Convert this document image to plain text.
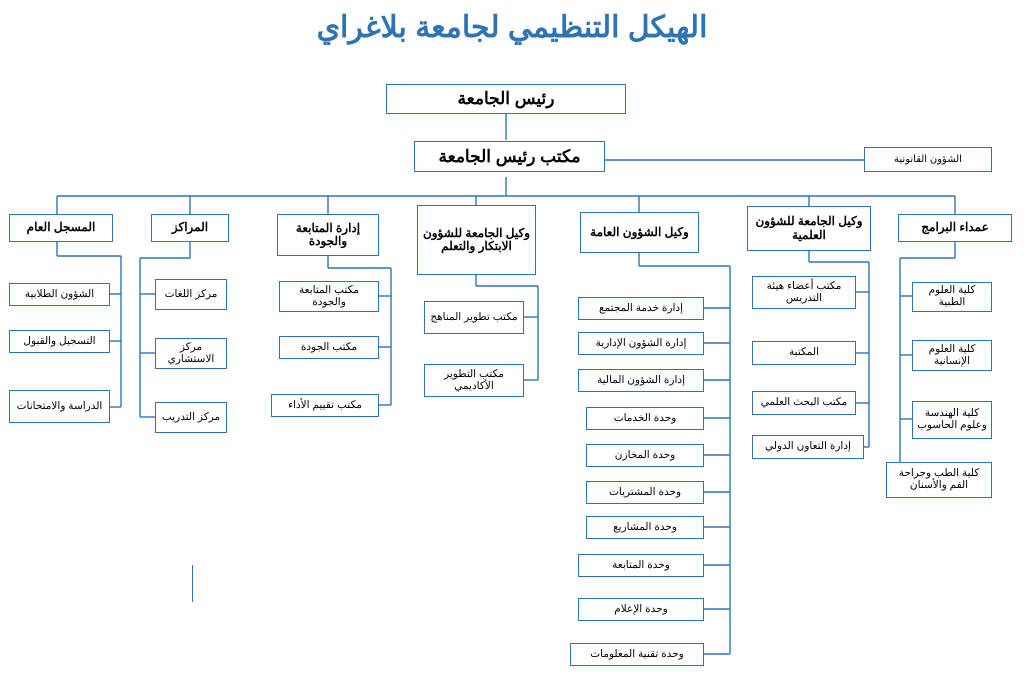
الهيكل التنظيمي لجامعة بلاغراي
رئيس الجامعة
مكتب رئيس الجامعة	الشؤون القانونية
عمداء البرامج
وكيل الجامعة للشؤون العلمية
وكيل الشؤون العامة
وكيل الجامعة للشؤون الابتكار والتعلم
إدارة المتابعة والجودة
المراكز
المسجل العام
كلية العلوم الطبية
كلية العلوم الإنسانية
كلية الهندسة وعلوم الحاسوب
كلية الطب وجراحة الفم والأسنان
مكتب أعضاء هيئة التدريس
المكتبة
مكتب البحث العلمي
إدارة التعاون الدولي
إدارة خدمة المجتمع
إدارة الشؤون الإدارية
إدارة الشؤون المالية
وحدة الخدمات
وحدة المخازن
وحدة المشتريات
وحدة المشاريع
وحدة المتابعة
وحدة الإعلام
وحدة تقنية المعلومات
مكتب تطوير المناهج
مكتب التطوير الأكاديمي
مكتب المتابعة والجودة
مكتب الجودة
مكتب تقييم الأداء
مركز اللغات
مركز الاستشاري
مركز التدريب
الشؤون الطلابية
التسجيل والقبول
الدراسة والامتحانات
